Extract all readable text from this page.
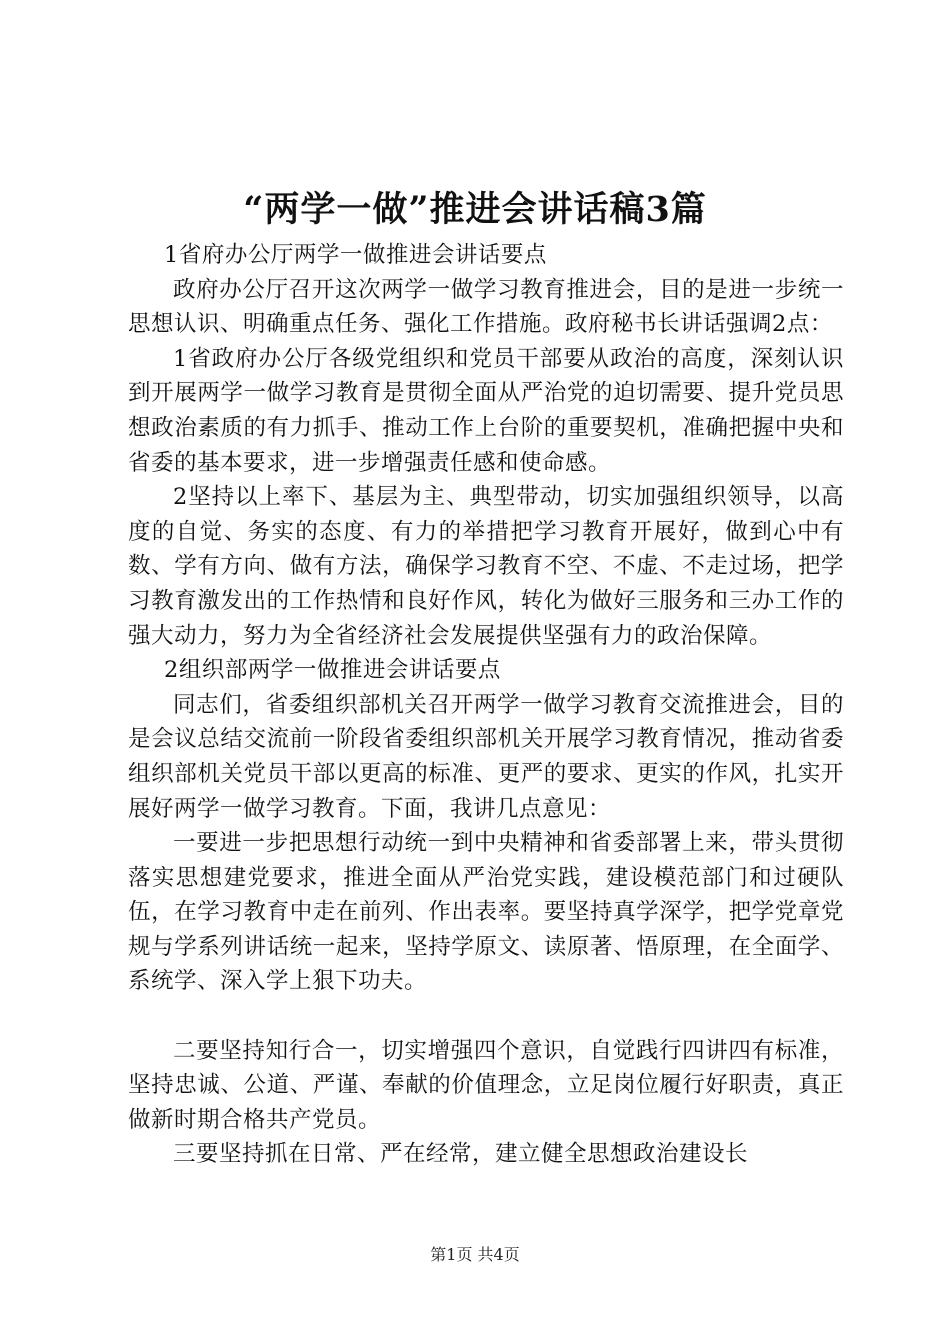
“两学一做”推进会讲话稿3篇

1省府办公厅两学一做推进会讲话要点

政府办公厅召开这次两学一做学习教育推进会，目的是进一步统一思想认识、明确重点任务、强化工作措施。政府秘书长讲话强调2点：

1省政府办公厅各级党组织和党员干部要从政治的高度，深刻认识到开展两学一做学习教育是贯彻全面从严治党的迫切需要、提升党员思想政治素质的有力抓手、推动工作上台阶的重要契机，准确把握中央和省委的基本要求，进一步增强责任感和使命感。

2坚持以上率下、基层为主、典型带动，切实加强组织领导，以高度的自觉、务实的态度、有力的举措把学习教育开展好，做到心中有数、学有方向、做有方法，确保学习教育不空、不虚、不走过场，把学习教育激发出的工作热情和良好作风，转化为做好三服务和三办工作的强大动力，努力为全省经济社会发展提供坚强有力的政治保障。

2组织部两学一做推进会讲话要点

同志们，省委组织部机关召开两学一做学习教育交流推进会，目的是会议总结交流前一阶段省委组织部机关开展学习教育情况，推动省委组织部机关党员干部以更高的标准、更严的要求、更实的作风，扎实开展好两学一做学习教育。下面，我讲几点意见：

一要进一步把思想行动统一到中央精神和省委部署上来，带头贯彻落实思想建党要求，推进全面从严治党实践，建设模范部门和过硬队伍，在学习教育中走在前列、作出表率。要坚持真学深学，把学党章党规与学系列讲话统一起来，坚持学原文、读原著、悟原理，在全面学、系统学、深入学上狠下功夫。

二要坚持知行合一，切实增强四个意识，自觉践行四讲四有标准，坚持忠诚、公道、严谨、奉献的价值理念，立足岗位履行好职责，真正做新时期合格共产党员。

三要坚持抓在日常、严在经常，建立健全思想政治建设长

第1页 共4页
